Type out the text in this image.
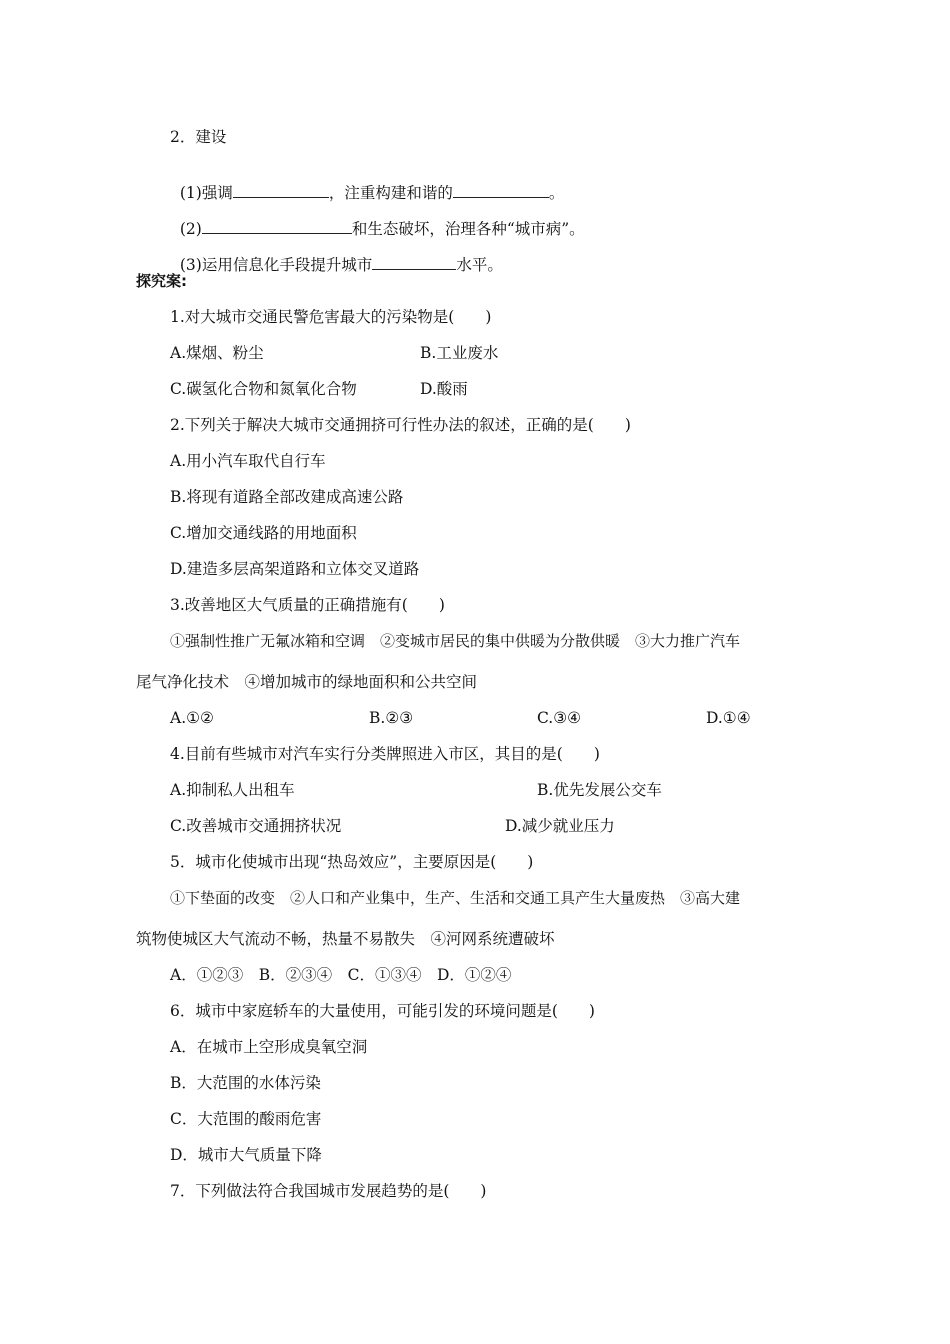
2．建设

(1)强调	，注重构建和谐的	。

(2)	和生态破坏，治理各种“城市病”。

(3)运用信息化手段提升城市	水平。

探究案:
1.对大城市交通民警危害最大的污染物是(　　)
A.煤烟、粉尘	B.工业废水
C.碳氢化合物和氮氧化合物	D.酸雨
2.下列关于解决大城市交通拥挤可行性办法的叙述，正确的是(　　)
A.用小汽车取代自行车
B.将现有道路全部改建成高速公路
C.增加交通线路的用地面积
D.建造多层高架道路和立体交叉道路
3.改善地区大气质量的正确措施有(　　)
①强制性推广无氟冰箱和空调　②变城市居民的集中供暖为分散供暖　③大力推广汽车
尾气净化技术　④增加城市的绿地面积和公共空间
A.①②	B.②③	C.③④	D.①④
4.目前有些城市对汽车实行分类牌照进入市区，其目的是(　　)
A.抑制私人出租车	B.优先发展公交车
C.改善城市交通拥挤状况	D.减少就业压力
5．城市化使城市出现“热岛效应”，主要原因是(　　)
①下垫面的改变　②人口和产业集中，生产、生活和交通工具产生大量废热　③高大建
筑物使城区大气流动不畅，热量不易散失　④河网系统遭破坏
A．①②③　B．②③④　C．①③④　D．①②④
6．城市中家庭轿车的大量使用，可能引发的环境问题是(　　)
A．在城市上空形成臭氧空洞
B．大范围的水体污染
C．大范围的酸雨危害
D．城市大气质量下降
7．下列做法符合我国城市发展趋势的是(　　)
